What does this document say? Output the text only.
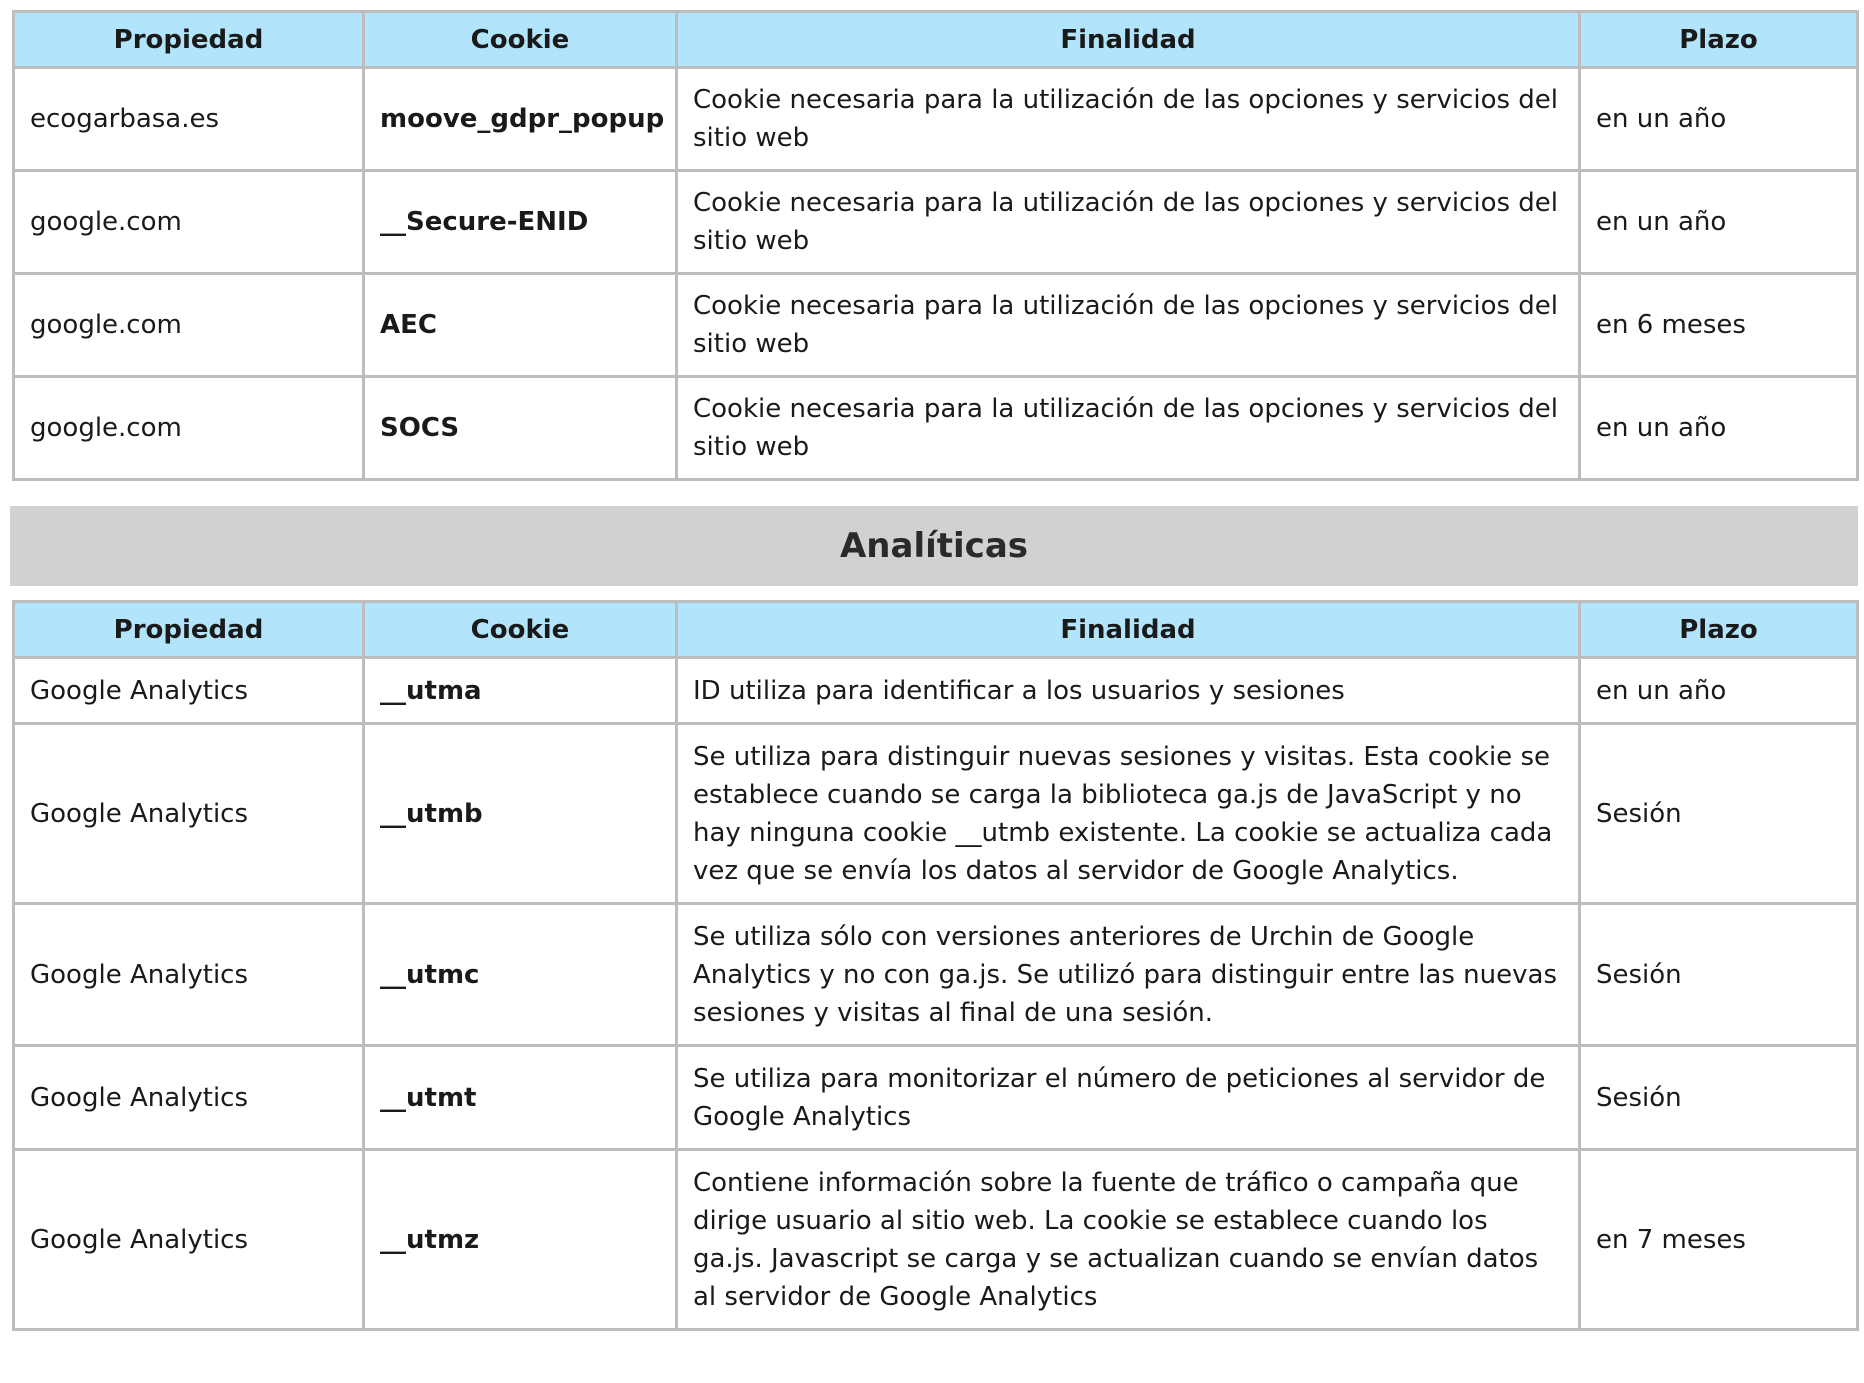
Propiedad	Cookie	Finalidad	Plazo
ecogarbasa.es	moove_gdpr_popup	Cookie necesaria para la utilización de las opciones y servicios del sitio web	en un año
google.com	__Secure-ENID	Cookie necesaria para la utilización de las opciones y servicios del sitio web	en un año
google.com	AEC	Cookie necesaria para la utilización de las opciones y servicios del sitio web	en 6 meses
google.com	SOCS	Cookie necesaria para la utilización de las opciones y servicios del sitio web	en un año
Analíticas
Propiedad	Cookie	Finalidad	Plazo
Google Analytics	__utma	ID utiliza para identificar a los usuarios y sesiones	en un año
Google Analytics	__utmb	Se utiliza para distinguir nuevas sesiones y visitas. Esta cookie se establece cuando se carga la biblioteca ga.js de JavaScript y no hay ninguna cookie __utmb existente. La cookie se actualiza cada vez que se envía los datos al servidor de Google Analytics.	Sesión
Google Analytics	__utmc	Se utiliza sólo con versiones anteriores de Urchin de Google Analytics y no con ga.js. Se utilizó para distinguir entre las nuevas sesiones y visitas al final de una sesión.	Sesión
Google Analytics	__utmt	Se utiliza para monitorizar el número de peticiones al servidor de Google Analytics	Sesión
Google Analytics	__utmz	Contiene información sobre la fuente de tráfico o campaña que dirige usuario al sitio web. La cookie se establece cuando los ga.js. Javascript se carga y se actualizan cuando se envían datos al servidor de Google Analytics	en 7 meses
